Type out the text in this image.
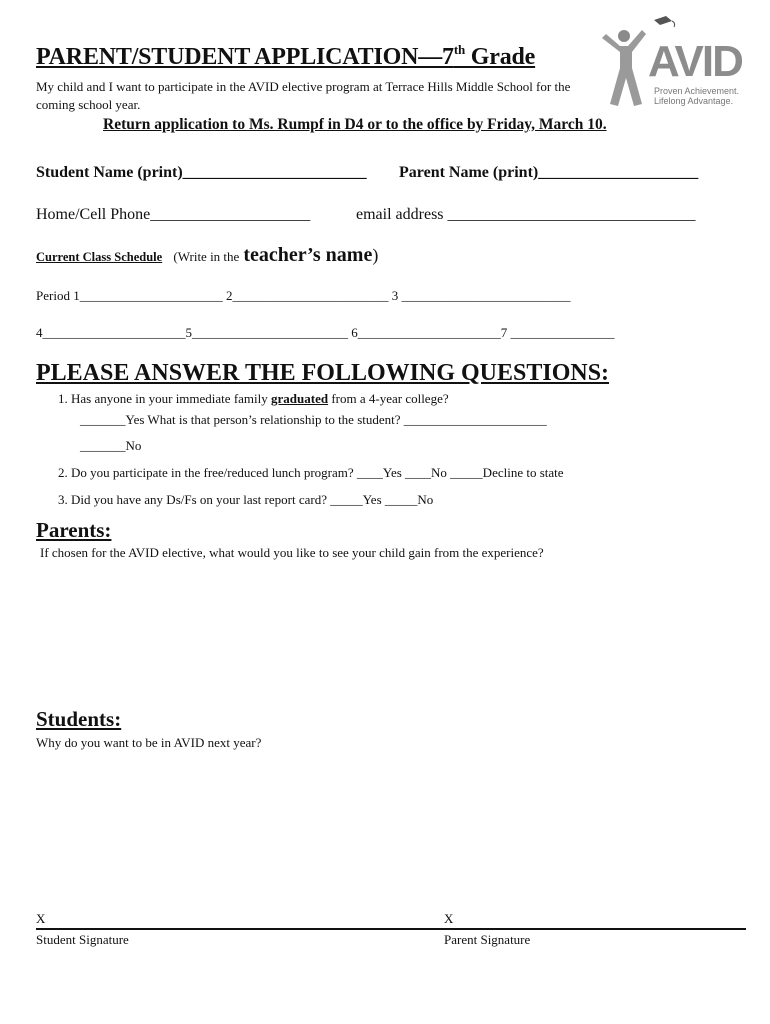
PARENT/STUDENT APPLICATION—7th Grade
My child and I want to participate in the AVID elective program at Terrace Hills Middle School for the coming school year.
Return application to Ms. Rumpf in D4 or to the office by Friday, March 10.
AVID
Proven Achievement.
Lifelong Advantage.
Student Name (print)_______________________ Parent Name (print)____________________
Home/Cell Phone____________________	email address _______________________________
Current Class Schedule (Write in the teacher’s name)
Period 1______________________ 2________________________ 3 __________________________
4______________________5________________________ 6______________________7 ________________
PLEASE ANSWER THE FOLLOWING QUESTIONS:
1. Has anyone in your immediate family graduated from a 4-year college?
_______Yes What is that person’s relationship to the student? ______________________
_______No
2. Do you participate in the free/reduced lunch program? ____Yes ____No _____Decline to state
3. Did you have any Ds/Fs on your last report card? _____Yes _____No
Parents:
If chosen for the AVID elective, what would you like to see your child gain from the experience?
Students:
Why do you want to be in AVID next year?
X	X
Student Signature	Parent Signature
